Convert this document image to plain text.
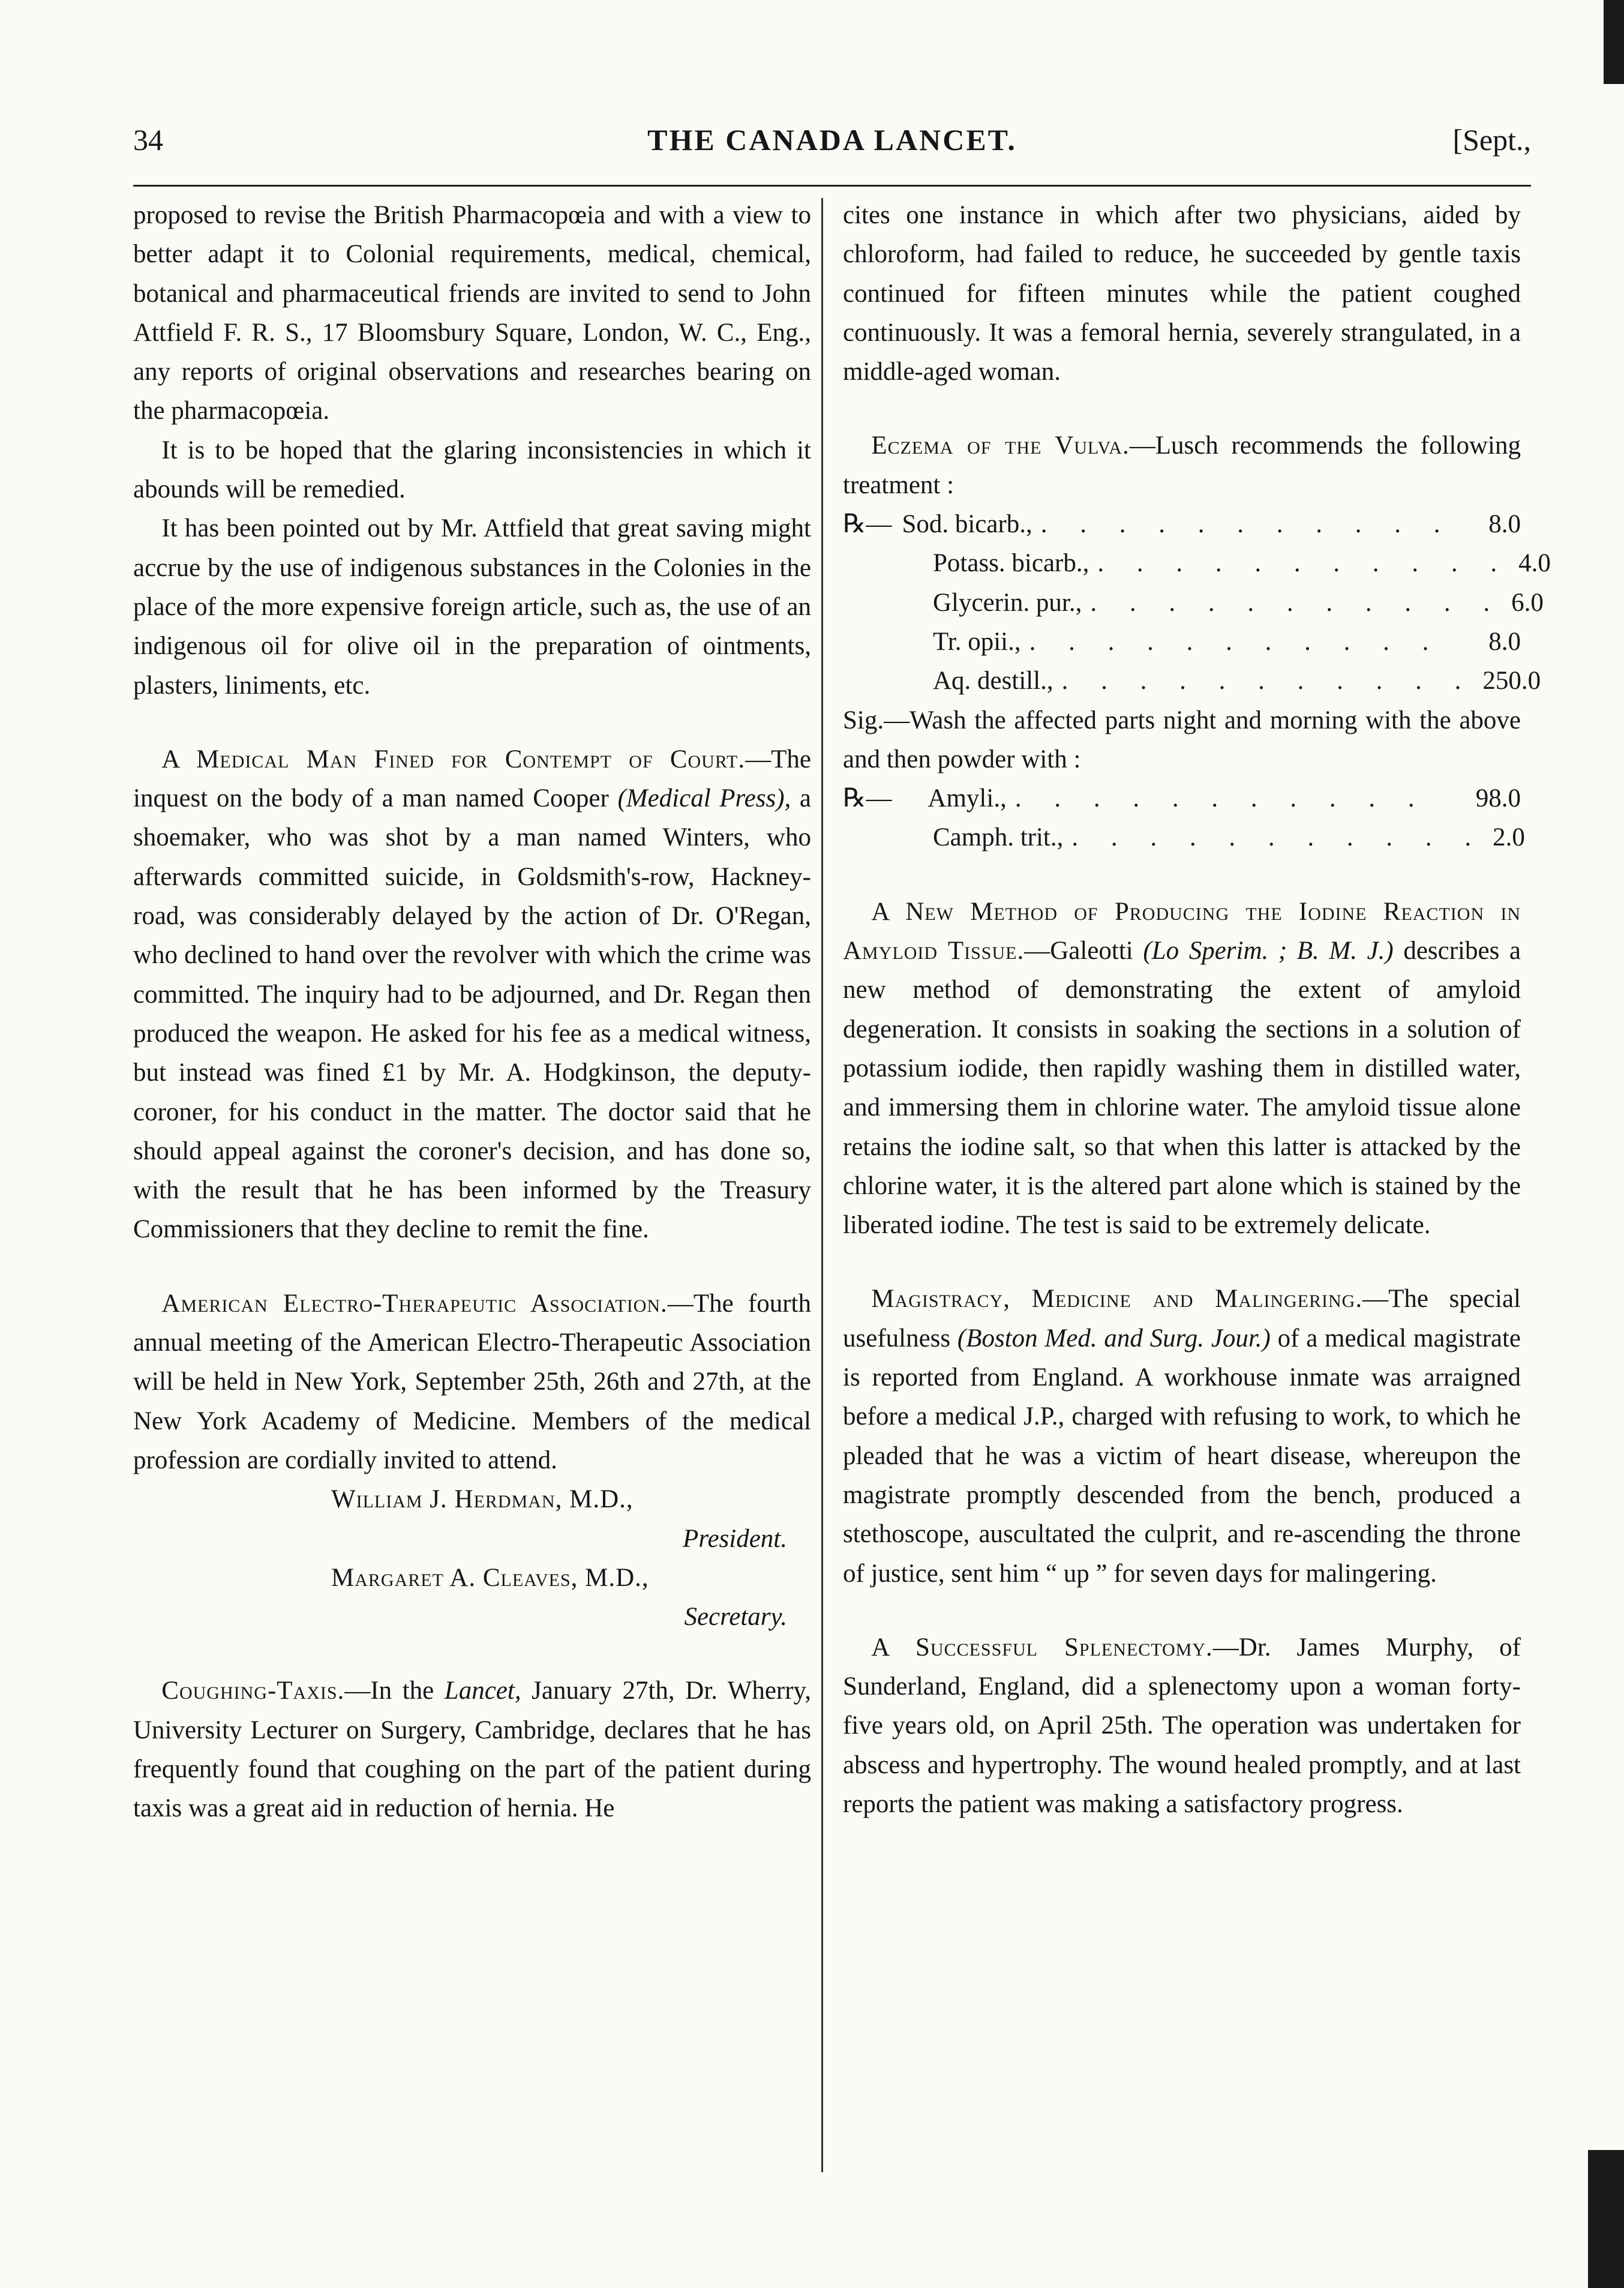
34	THE CANADA LANCET.	[Sept.,

proposed to revise the British Pharmacopœia and with a view to better adapt it to Colonial requirements, medical, chemical, botanical and pharmaceutical friends are invited to send to John Attfield F. R. S., 17 Bloomsbury Square, London, W. C., Eng., any reports of original observations and researches bearing on the pharmacopœia.

It is to be hoped that the glaring inconsistencies in which it abounds will be remedied.

It has been pointed out by Mr. Attfield that great saving might accrue by the use of indigenous substances in the Colonies in the place of the more expensive foreign article, such as, the use of an indigenous oil for olive oil in the preparation of ointments, plasters, liniments, etc.

A Medical Man Fined for Contempt of Court.—The inquest on the body of a man named Cooper (Medical Press), a shoemaker, who was shot by a man named Winters, who afterwards committed suicide, in Goldsmith's-row, Hackney-road, was considerably delayed by the action of Dr. O'Regan, who declined to hand over the revolver with which the crime was committed. The inquiry had to be adjourned, and Dr. Regan then produced the weapon. He asked for his fee as a medical witness, but instead was fined £1 by Mr. A. Hodgkinson, the deputy-coroner, for his conduct in the matter. The doctor said that he should appeal against the coroner's decision, and has done so, with the result that he has been informed by the Treasury Commissioners that they decline to remit the fine.

American Electro-Therapeutic Association.—The fourth annual meeting of the American Electro-Therapeutic Association will be held in New York, September 25th, 26th and 27th, at the New York Academy of Medicine. Members of the medical profession are cordially invited to attend.

William J. Herdman, M.D.,
President.
Margaret A. Cleaves, M.D.,
Secretary.

Coughing-Taxis.—In the Lancet, January 27th, Dr. Wherry, University Lecturer on Surgery, Cambridge, declares that he has frequently found that coughing on the part of the patient during taxis was a great aid in reduction of hernia. He

cites one instance in which after two physicians, aided by chloroform, had failed to reduce, he succeeded by gentle taxis continued for fifteen minutes while the patient coughed continuously. It was a femoral hernia, severely strangulated, in a middle-aged woman.

Eczema of the Vulva.—Lusch recommends the following treatment :

℞— Sod. bicarb., . . . . . . . . . . .	8.0
Potass. bicarb., . . . . . . . . . . . 4.0
Glycerin. pur., . . . . . . . . . . . 6.0
Tr. opii., . . . . . . . . . . .	8.0
Aq. destill., . . . . . . . . . . . 250.0

Sig.—Wash the affected parts night and morning with the above and then powder with :

℞—	Amyli., . . . . . . . . . . .	98.0
Camph. trit., . . . . . . . . . . . 2.0

A New Method of Producing the Iodine Reaction in Amyloid Tissue.—Galeotti (Lo Sperim. ; B. M. J.) describes a new method of demonstrating the extent of amyloid degeneration. It consists in soaking the sections in a solution of potassium iodide, then rapidly washing them in distilled water, and immersing them in chlorine water. The amyloid tissue alone retains the iodine salt, so that when this latter is attacked by the chlorine water, it is the altered part alone which is stained by the liberated iodine. The test is said to be extremely delicate.

Magistracy, Medicine and Malingering.—The special usefulness (Boston Med. and Surg. Jour.) of a medical magistrate is reported from England. A workhouse inmate was arraigned before a medical J.P., charged with refusing to work, to which he pleaded that he was a victim of heart disease, whereupon the magistrate promptly descended from the bench, produced a stethoscope, auscultated the culprit, and re-ascending the throne of justice, sent him “ up ” for seven days for malingering.

A Successful Splenectomy.—Dr. James Murphy, of Sunderland, England, did a splenectomy upon a woman forty-five years old, on April 25th. The operation was undertaken for abscess and hypertrophy. The wound healed promptly, and at last reports the patient was making a satisfactory progress.
